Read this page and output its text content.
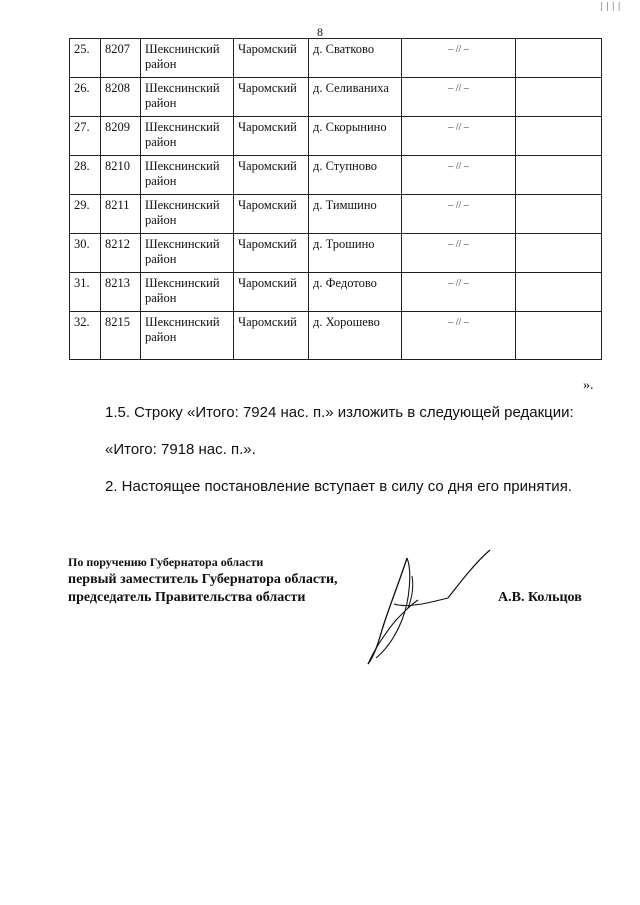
8
25.	8207	Шекснинский район	Чаромский	д. Сватково	– // –	
26.	8208	Шекснинский район	Чаромский	д. Селиваниха	– // –	
27.	8209	Шекснинский район	Чаромский	д. Скорынино	– // –	
28.	8210	Шекснинский район	Чаромский	д. Ступново	– // –	
29.	8211	Шекснинский район	Чаромский	д. Тимшино	– // –	
30.	8212	Шекснинский район	Чаромский	д. Трошино	– // –	
31.	8213	Шекснинский район	Чаромский	д. Федотово	– // –	
32.	8215	Шекснинский район	Чаромский	д. Хорошево	– // –	
».
1.5. Строку «Итого: 7924 нас. п.» изложить в следующей редакции:
«Итого: 7918 нас. п.».
2. Настоящее постановление вступает в силу со дня его принятия.
По поручению Губернатора области
первый заместитель Губернатора области,
председатель Правительства области	А.В. Кольцов
| | | |
